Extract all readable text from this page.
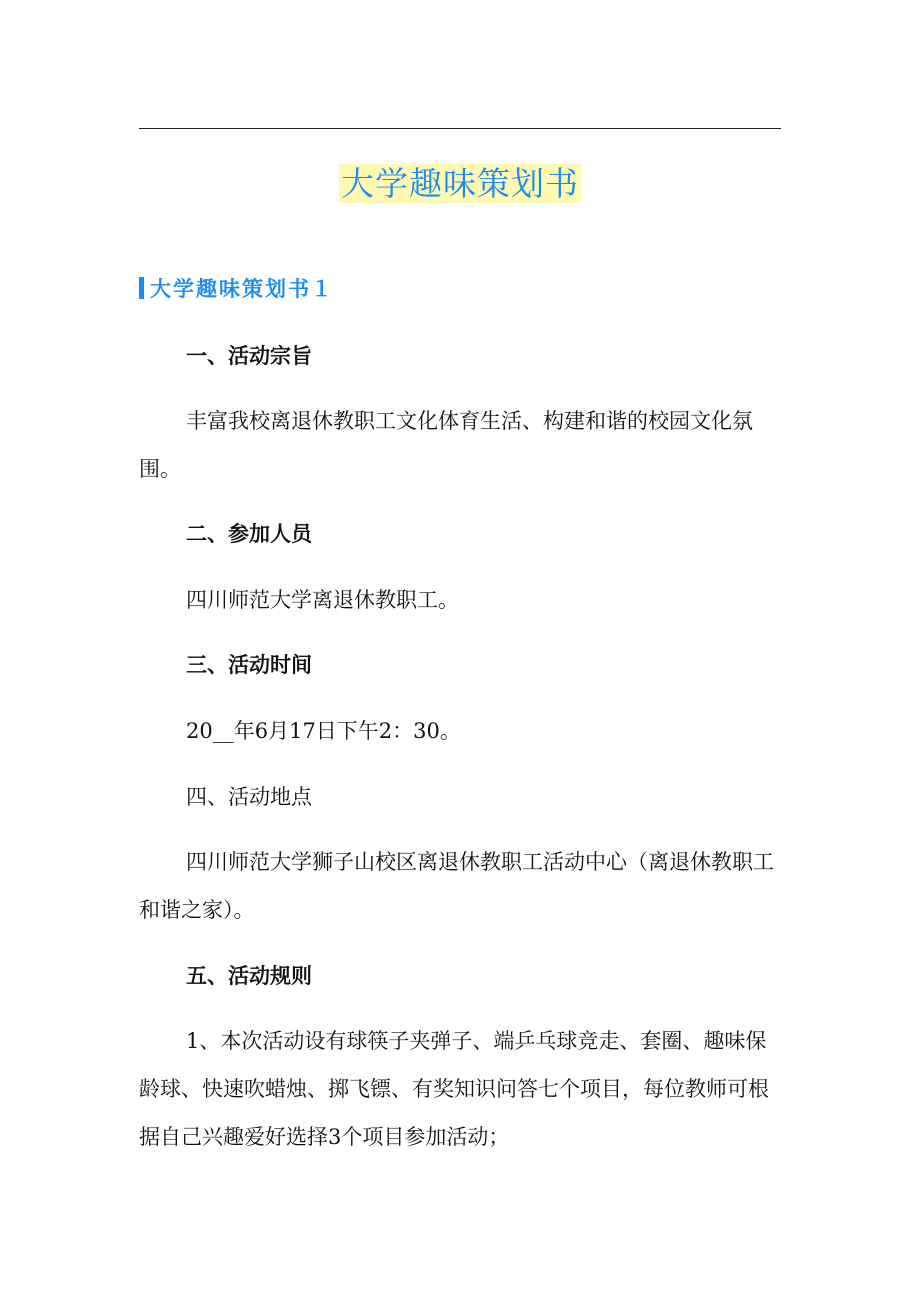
大学趣味策划书
大学趣味策划书１
一、活动宗旨
丰富我校离退休教职工文化体育生活、构建和谐的校园文化氛围。
二、参加人员
四川师范大学离退休教职工。
三、活动时间
20__年6月17日下午2：30。
四、活动地点
四川师范大学狮子山校区离退休教职工活动中心（离退休教职工和谐之家）。
五、活动规则
1、本次活动设有球筷子夹弹子、端乒乓球竞走、套圈、趣味保龄球、快速吹蜡烛、掷飞镖、有奖知识问答七个项目，每位教师可根据自己兴趣爱好选择3个项目参加活动；
